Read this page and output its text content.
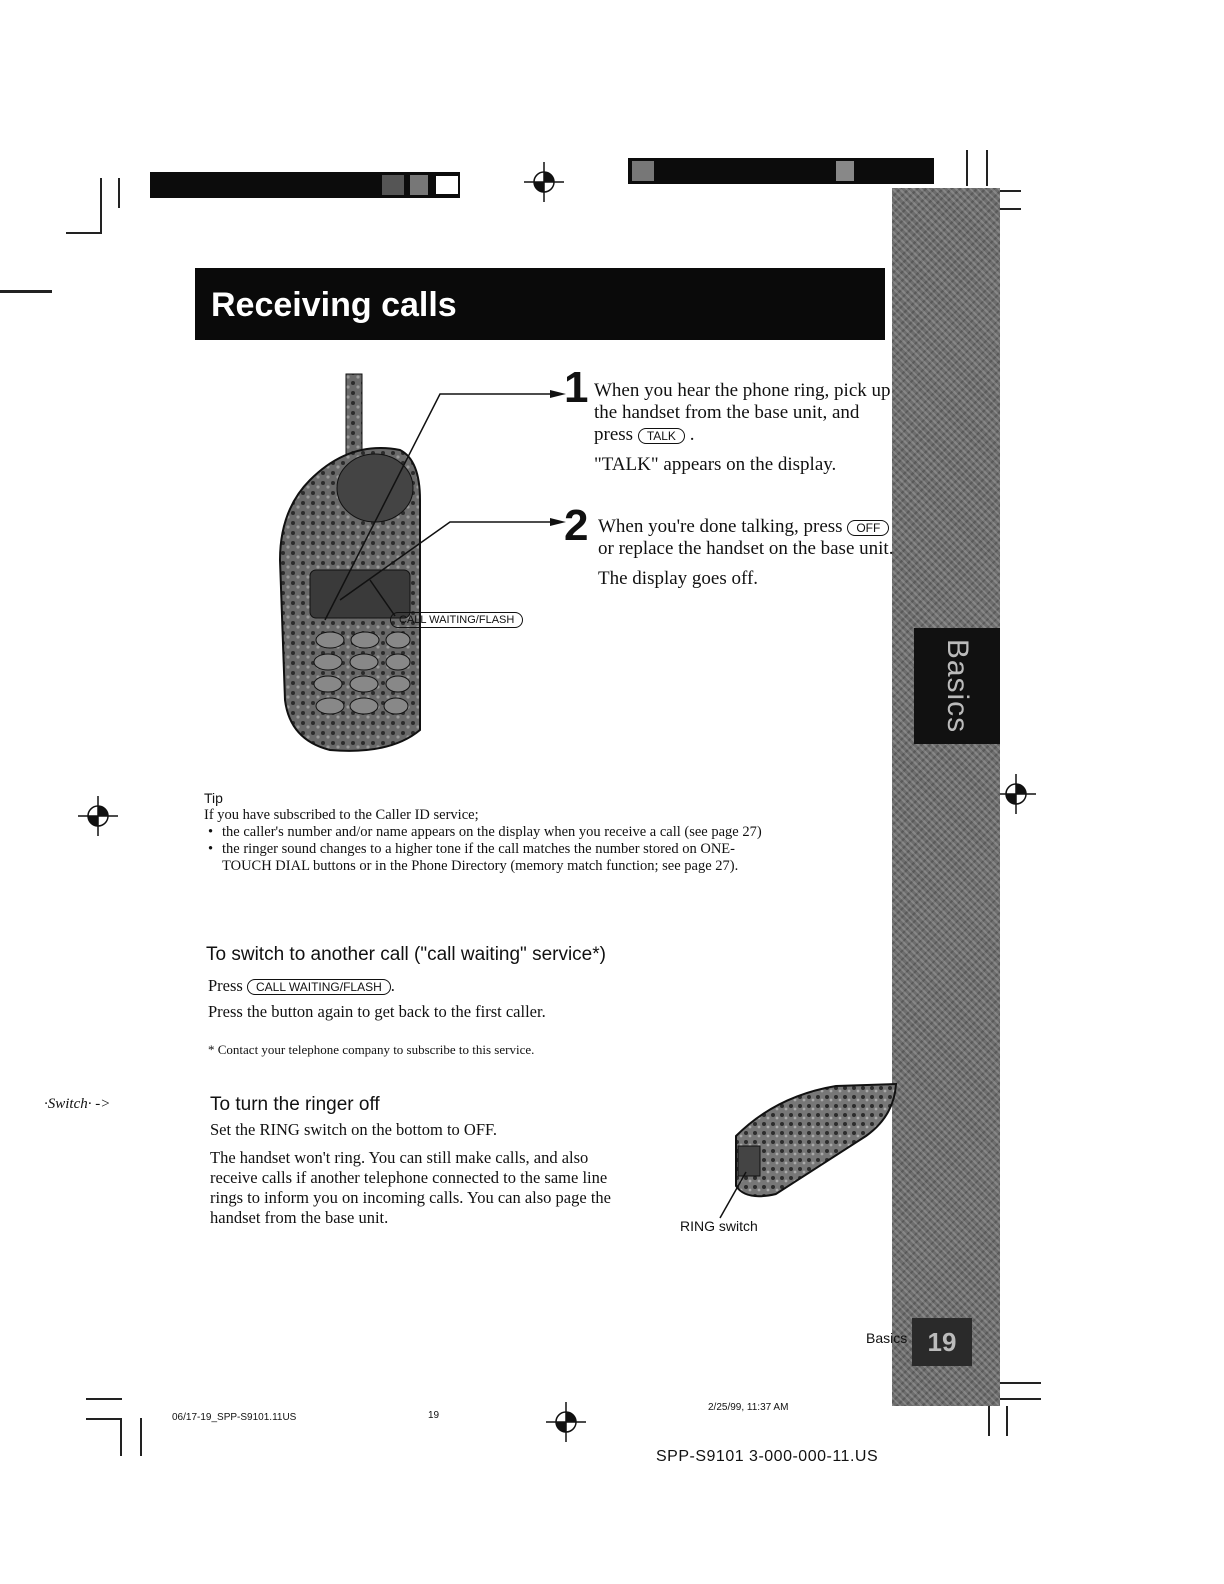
Basics
Receiving calls
CALL WAITING/FLASH
1 When you hear the phone ring, pick up the handset from the base unit, and press TALK .

"TALK" appears on the display.

2 When you're done talking, press OFF or replace the handset on the base unit.

The display goes off.

Tip
If you have subscribed to the Caller ID service;
• the caller's number and/or name appears on the display when you receive a call (see page 27)
• the ringer sound changes to a higher tone if the call matches the number stored on ONE-TOUCH DIAL buttons or in the Phone Directory (memory match function; see page 27).
To switch to another call ("call waiting" service*)
Press CALL WAITING/FLASH .
Press the button again to get back to the first caller.
* Contact your telephone company to subscribe to this service.
·Switch· ->	To turn the ringer off
Set the RING switch on the bottom to OFF.
The handset won't ring. You can still make calls, and also receive calls if another telephone connected to the same line rings to inform you on incoming calls. You can also page the handset from the base unit.	RING switch
Basics 19
06/17-19_SPP-S9101.11US	19
2/25/99, 11:37 AM
SPP-S9101 3-000-000-11.US
